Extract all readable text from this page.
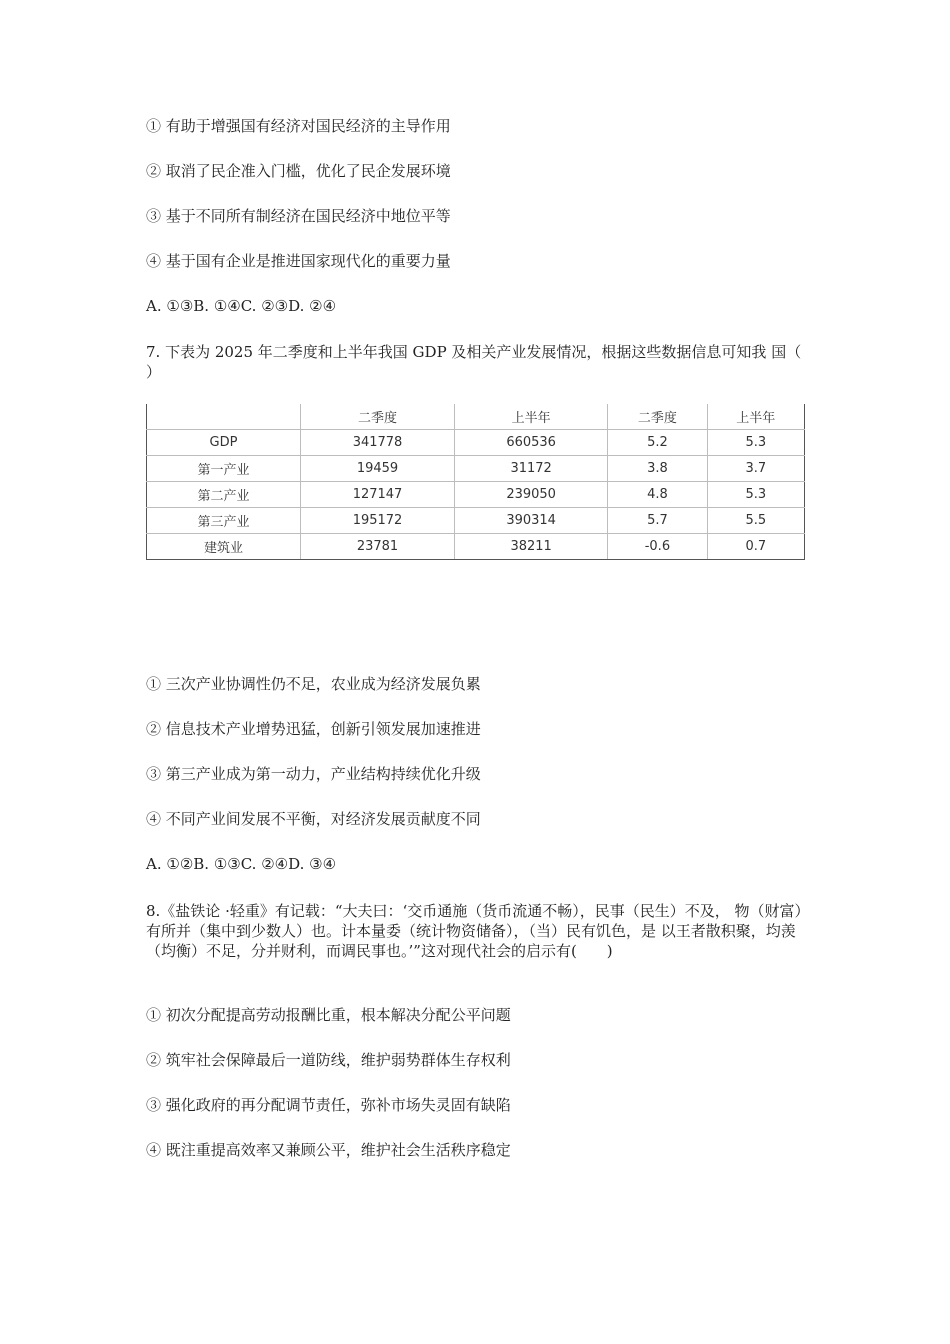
① 有助于增强国有经济对国民经济的主导作用
② 取消了民企准入门槛，优化了民企发展环境
③ 基于不同所有制经济在国民经济中地位平等
④ 基于国有企业是推进国家现代化的重要力量
A. ①③B. ①④C. ②③D. ②④
7. 下表为 2025 年二季度和上半年我国 GDP 及相关产业发展情况，根据这些数据信息可知我 国（ ）
	二季度	上半年	二季度	上半年
GDP	341778	660536	5.2	5.3
第一产业	19459	31172	3.8	3.7
第二产业	127147	239050	4.8	5.3
第三产业	195172	390314	5.7	5.5
建筑业	23781	38211	-0.6	0.7
① 三次产业协调性仍不足，农业成为经济发展负累
② 信息技术产业增势迅猛，创新引领发展加速推进
③ 第三产业成为第一动力，产业结构持续优化升级
④ 不同产业间发展不平衡，对经济发展贡献度不同
A. ①②B. ①③C. ②④D. ③④
8.《盐铁论 ·轻重》有记载：“大夫曰：‘交币通施（货币流通不畅），民事（民生）不及， 物（财富）有所并（集中到少数人）也。计本量委（统计物资储备），（当）民有饥色，是 以王者散积聚，均羡（均衡）不足，分并财利，而调民事也。’”这对现代社会的启示有(　　)
① 初次分配提高劳动报酬比重，根本解决分配公平问题
② 筑牢社会保障最后一道防线，维护弱势群体生存权利
③ 强化政府的再分配调节责任，弥补市场失灵固有缺陷
④ 既注重提高效率又兼顾公平，维护社会生活秩序稳定
